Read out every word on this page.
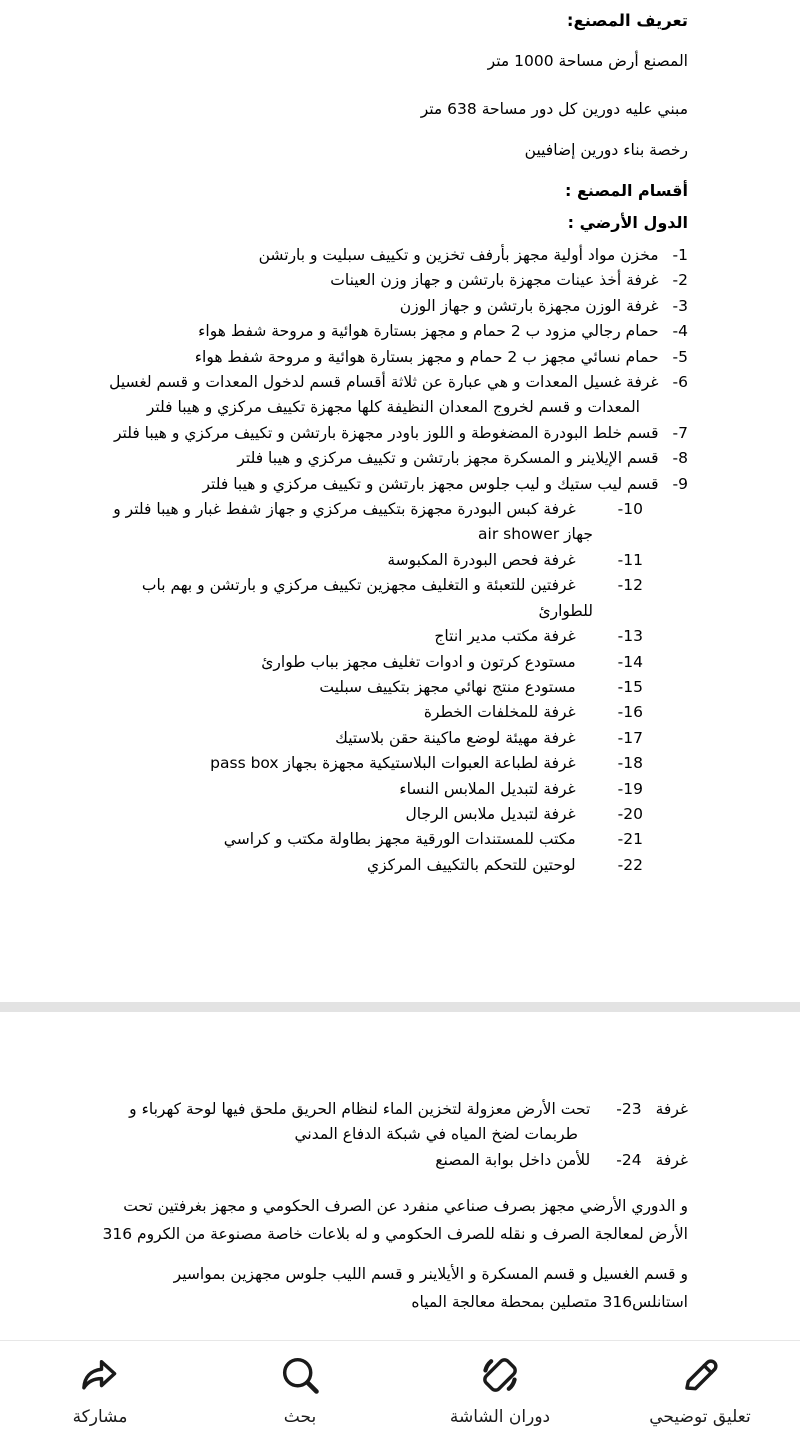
تعريف المصنع:

المصنع أرض مساحة 1000 متر

مبني عليه دورين كل دور مساحة 638 متر

رخصة بناء دورين إضافيين

أقسام المصنع :
الدول الأرضي :
1-مخزن مواد أولية مجهز بأرفف تخزين و تكييف سبليت و بارتشن
2-غرفة أخذ عينات مجهزة بارتشن و جهاز وزن العينات
3-غرفة الوزن مجهزة بارتشن و جهاز الوزن
4-حمام رجالي مزود ب 2 حمام و مجهز بستارة هوائية و مروحة شفط هواء
5-حمام نسائي مجهز ب 2 حمام و مجهز بستارة هوائية و مروحة شفط هواء
6-غرفة غسيل المعدات و هي عبارة عن ثلاثة أقسام قسم لدخول المعدات و قسم لغسيل المعدات و قسم لخروج المعدان النظيفة كلها مجهزة تكييف مركزي و هيبا فلتر
7-قسم خلط البودرة المضغوطة و اللوز باودر مجهزة بارتشن و تكييف مركزي و هيبا فلتر
8-قسم الإيلاينر و المسكرة مجهز بارتشن و تكييف مركزي و هيبا فلتر
9-قسم ليب ستيك و ليب جلوس مجهز بارتشن و تكييف مركزي و هيبا فلتر
10-غرفة كبس البودرة مجهزة بتكييف مركزي و جهاز شفط غبار و هيبا فلتر و جهاز air shower
11-غرفة فحص البودرة المكبوسة
12-غرفتين للتعبئة و التغليف مجهزين تكييف مركزي و بارتشن و بهم باب للطوارئ
13-غرفة مكتب مدير انتاج
14-مستودع كرتون و ادوات تغليف مجهز بباب طوارئ
15-مستودع منتج نهائي مجهز بتكييف سبليت
16-غرفة للمخلفات الخطرة
17-غرفة مهيئة لوضع ماكينة حقن بلاستيك
18-غرفة لطباعة العبوات البلاستيكية مجهزة بجهاز pass box
19-غرفة لتبديل الملابس النساء
20-غرفة لتبديل ملابس الرجال
21-مكتب للمستندات الورقية مجهز بطاولة مكتب و كراسي
22-لوحتين للتحكم بالتكييف المركزي
غرفة23-تحت الأرض معزولة لتخزين الماء لنظام الحريق ملحق فيها لوحة كهرباء و طربمات لضخ المياه في شبكة الدفاع المدني
غرفة24-للأمن داخل بوابة المصنع

و الدوري الأرضي مجهز بصرف صناعي منفرد عن الصرف الحكومي و مجهز بغرفتين تحت الأرض لمعالجة الصرف و نقله للصرف الحكومي و له بلاعات خاصة مصنوعة من الكروم 316

و قسم الغسيل و قسم المسكرة و الأيلاينر و قسم الليب جلوس مجهزين بمواسير استانلس316 متصلين بمحطة معالجة المياه

مشاركة	بحث	دوران الشاشة	تعليق توضيحي
